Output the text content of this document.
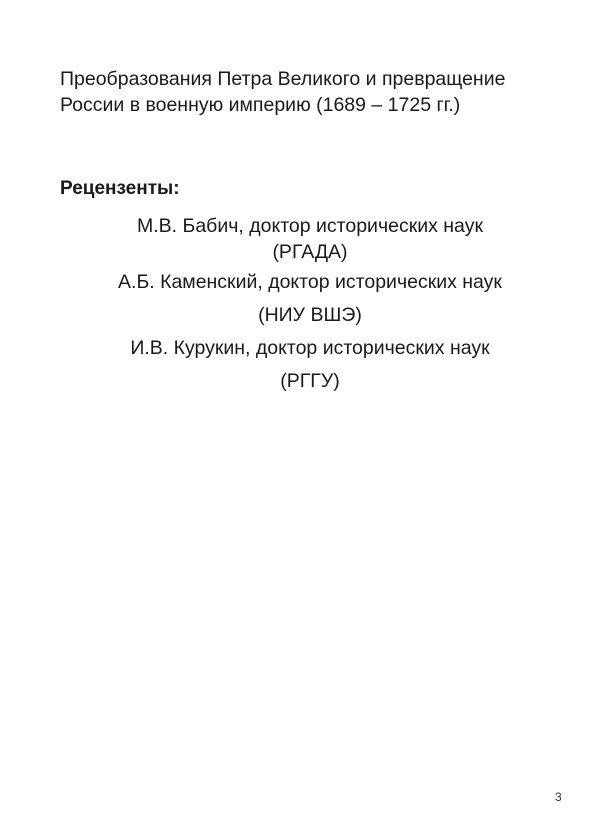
Преобразования Петра Великого и превращение
России в военную империю (1689 – 1725 гг.)

Рецензенты:

М.В. Бабич, доктор исторических наук
(РГАДА)
А.Б. Каменский, доктор исторических наук
(НИУ ВШЭ)
И.В. Курукин, доктор исторических наук
(РГГУ)
3
